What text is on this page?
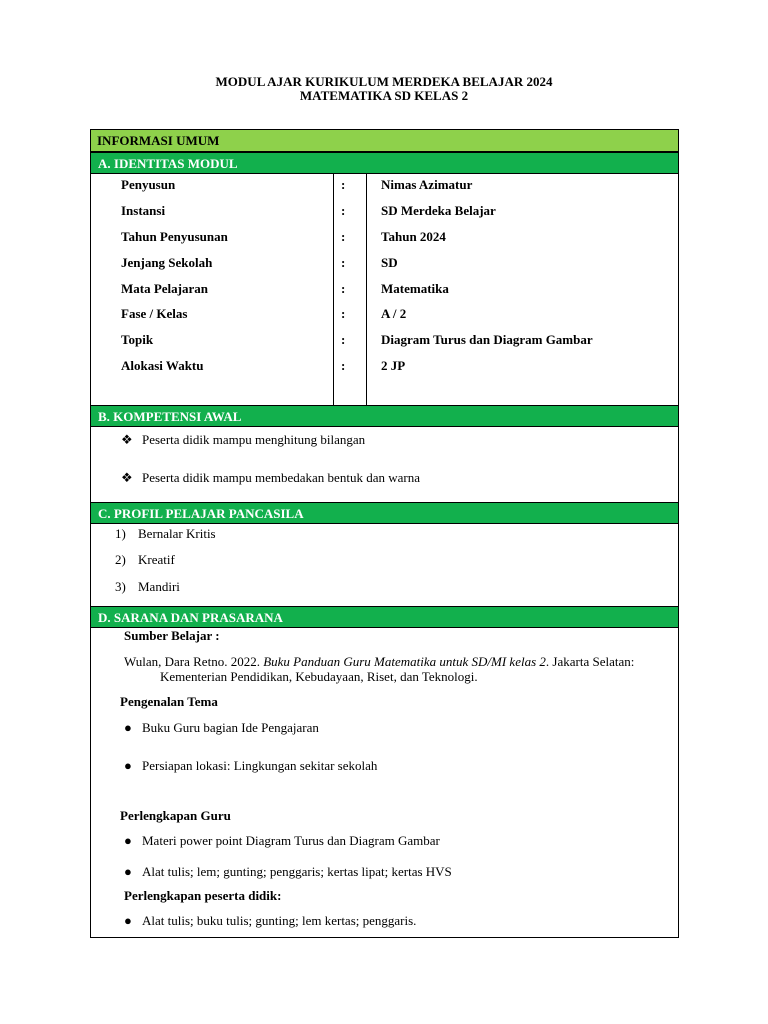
MODUL AJAR KURIKULUM MERDEKA BELAJAR 2024
MATEMATIKA SD KELAS 2
INFORMASI UMUM
A. IDENTITAS MODUL
Penyusun	:	Nimas Azimatur
Instansi	:	SD Merdeka Belajar
Tahun Penyusunan	:	Tahun 2024
Jenjang Sekolah	:	SD
Mata Pelajaran	:	Matematika
Fase / Kelas	:	A / 2
Topik	:	Diagram Turus dan Diagram Gambar
Alokasi Waktu	:	2 JP
B. KOMPETENSI AWAL
❖ Peserta didik mampu menghitung bilangan
❖ Peserta didik mampu membedakan bentuk dan warna
C. PROFIL PELAJAR PANCASILA
1) Bernalar Kritis
2) Kreatif
3) Mandiri
D. SARANA DAN PRASARANA
Sumber Belajar :
Wulan, Dara Retno. 2022. Buku Panduan Guru Matematika untuk SD/MI kelas 2. Jakarta Selatan:
Kementerian Pendidikan, Kebudayaan, Riset, dan Teknologi.
Pengenalan Tema
● Buku Guru bagian Ide Pengajaran
● Persiapan lokasi: Lingkungan sekitar sekolah
Perlengkapan Guru
● Materi power point Diagram Turus dan Diagram Gambar
● Alat tulis; lem; gunting; penggaris; kertas lipat; kertas HVS
Perlengkapan peserta didik:
● Alat tulis; buku tulis; gunting; lem kertas; penggaris.
